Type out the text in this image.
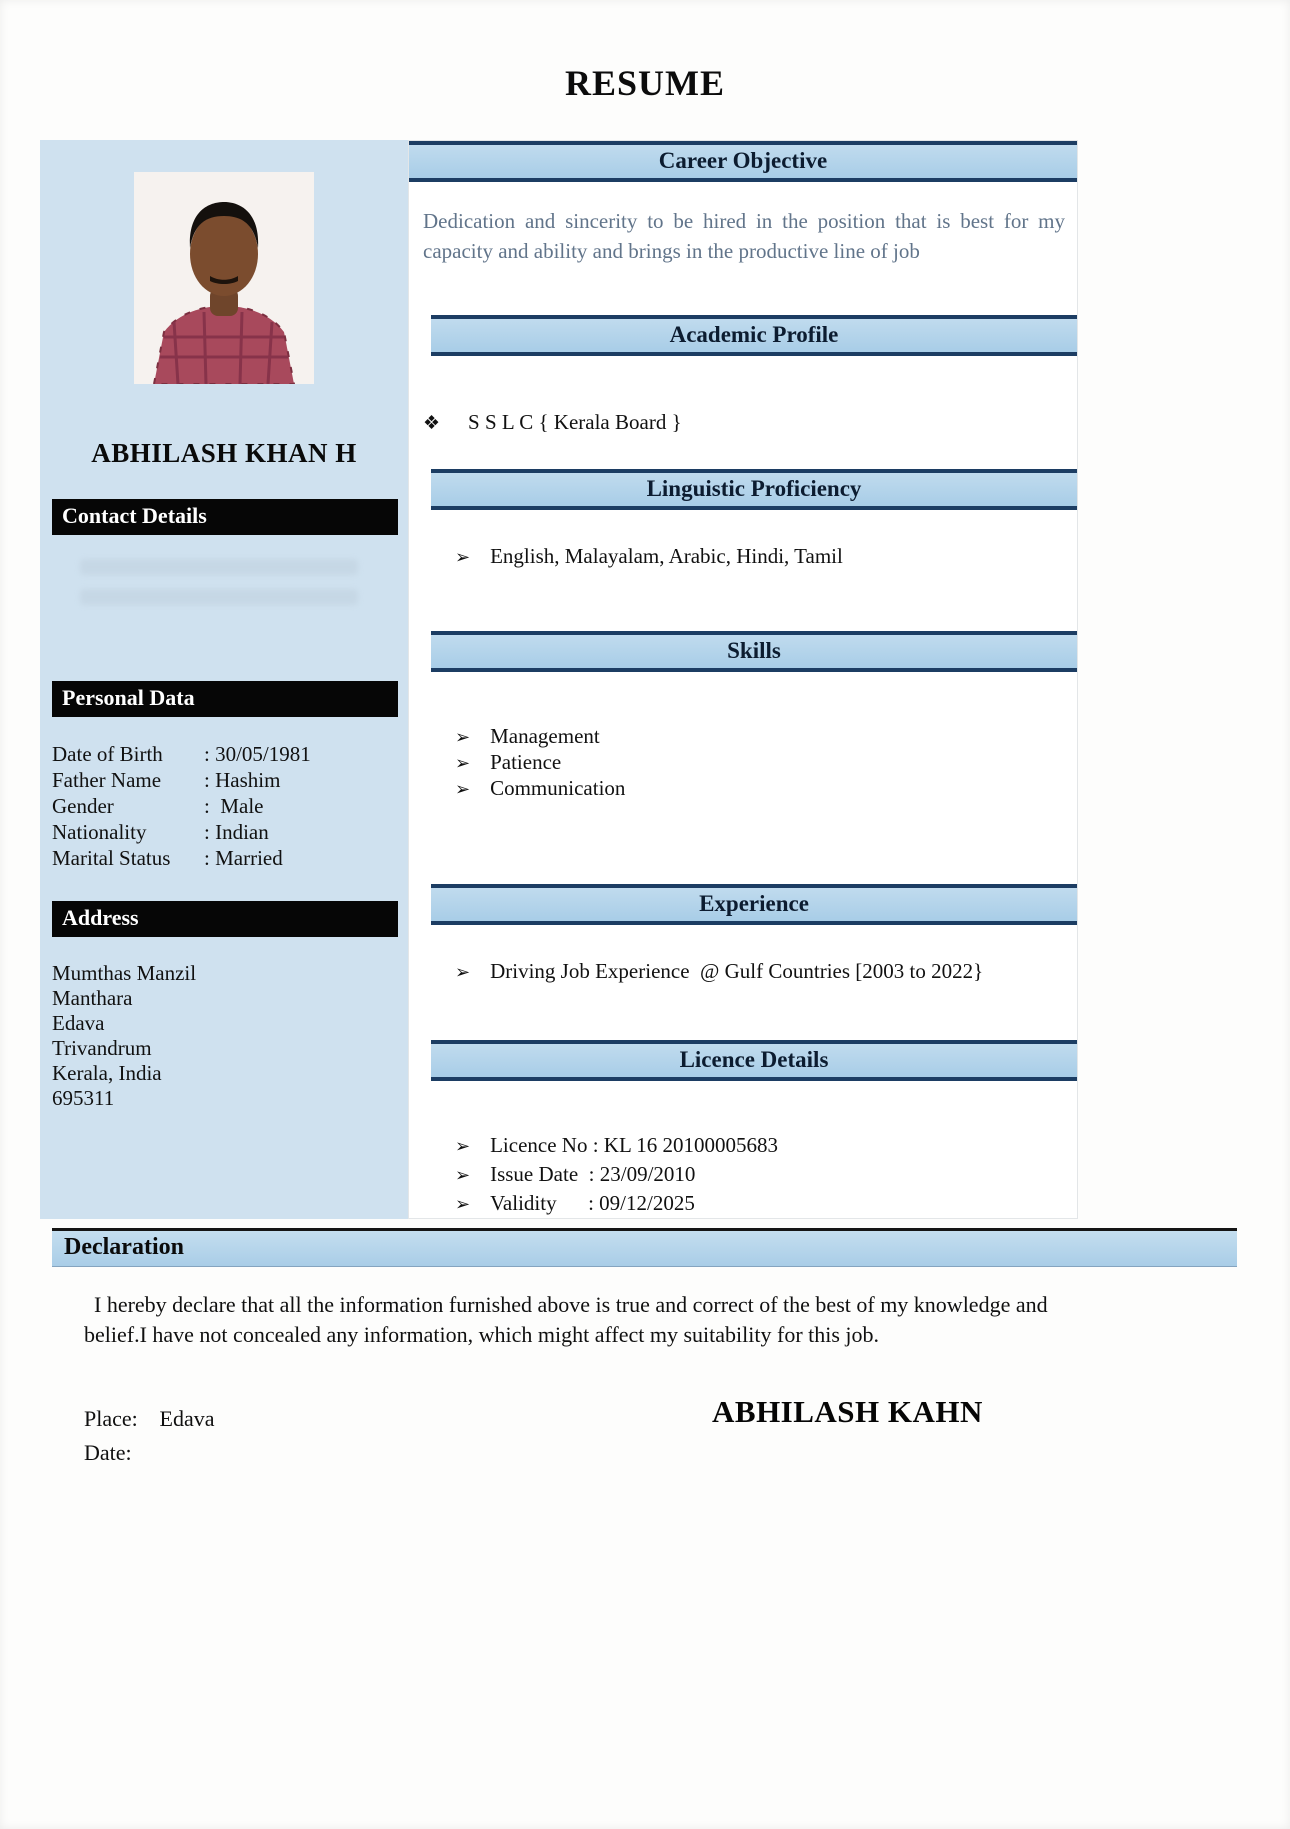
RESUME
ABHILASH KHAN H
Contact Details
Personal Data
Date of Birth	: 30/05/1981
Father Name	: Hashim
Gender	:  Male
Nationality	: Indian
Marital Status	: Married
Address
Mumthas Manzil
Manthara
Edava
Trivandrum
Kerala, India
695311
Career Objective
Dedication and sincerity to be hired in the position that is best for my capacity and ability and brings in the productive line of job
Academic Profile
❖ S S L C { Kerala Board }
Linguistic Proficiency
➢ English, Malayalam, Arabic, Hindi, Tamil
Skills
➢ Management
➢ Patience
➢ Communication
Experience
➢ Driving Job Experience  @ Gulf Countries [2003 to 2022}
Licence Details
➢ Licence No : KL 16 20100005683
➢ Issue Date  : 23/09/2010
➢ Validity      : 09/12/2025
Declaration
I hereby declare that all the information furnished above is true and correct of the best of my knowledge and belief.I have not concealed any information, which might affect my suitability for this job.
Place: Edava
Date:
ABHILASH KAHN
